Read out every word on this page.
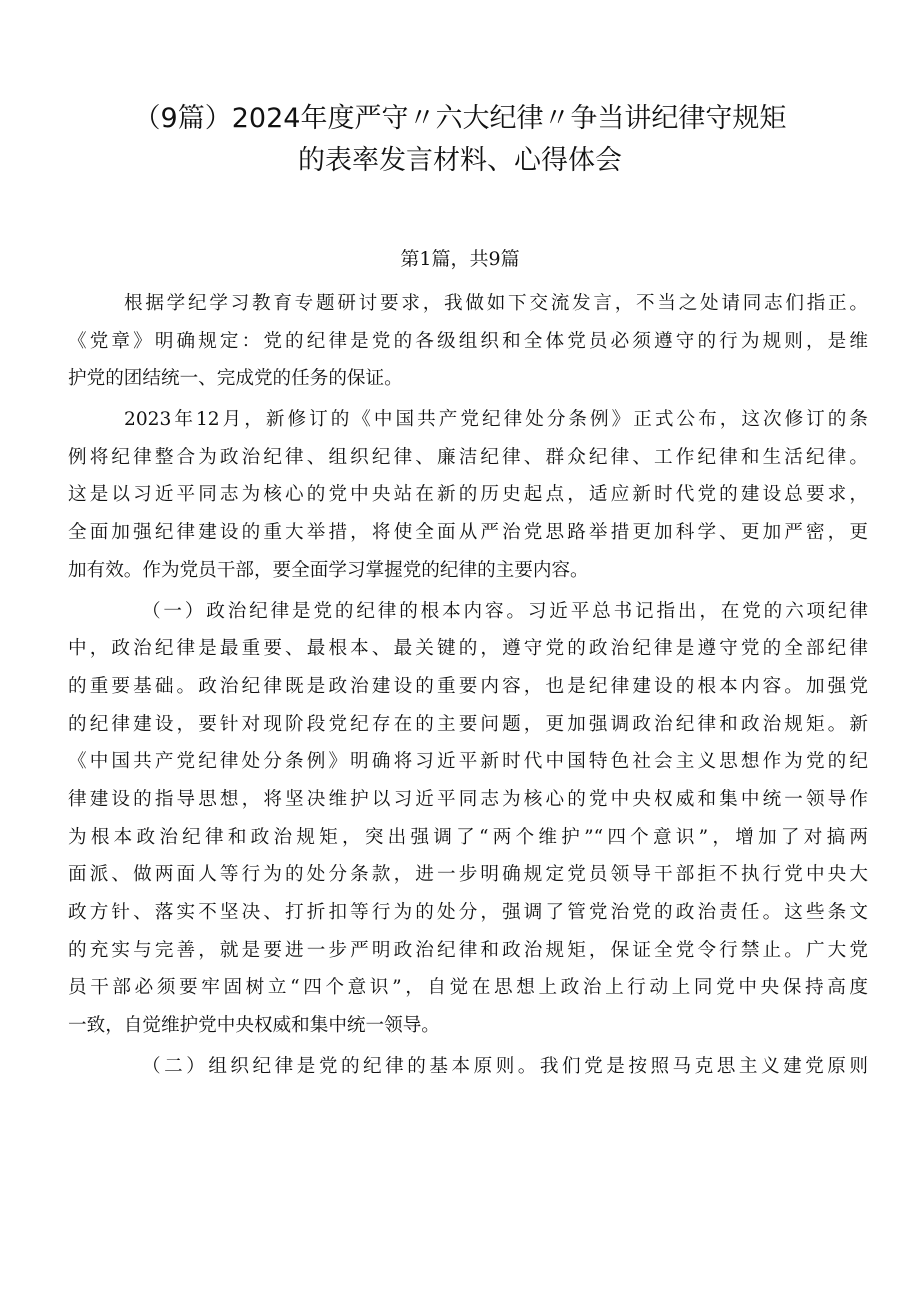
（9篇）2024年度严守〃六大纪律〃争当讲纪律守规矩
的表率发言材料、心得体会

第1篇，共9篇

根据学纪学习教育专题研讨要求，我做如下交流发言，不当之处请同志们指正。
《党章》明确规定：党的纪律是党的各级组织和全体党员必须遵守的行为规则，是维
护党的团结统一、完成党的任务的保证。
2023年12月，新修订的《中国共产党纪律处分条例》正式公布，这次修订的条
例将纪律整合为政治纪律、组织纪律、廉洁纪律、群众纪律、工作纪律和生活纪律。
这是以习近平同志为核心的党中央站在新的历史起点，适应新时代党的建设总要求，
全面加强纪律建设的重大举措，将使全面从严治党思路举措更加科学、更加严密，更
加有效。作为党员干部，要全面学习掌握党的纪律的主要内容。
（一）政治纪律是党的纪律的根本内容。习近平总书记指出，在党的六项纪律
中，政治纪律是最重要、最根本、最关键的，遵守党的政治纪律是遵守党的全部纪律
的重要基础。政治纪律既是政治建设的重要内容，也是纪律建设的根本内容。加强党
的纪律建设，要针对现阶段党纪存在的主要问题，更加强调政治纪律和政治规矩。新
《中国共产党纪律处分条例》明确将习近平新时代中国特色社会主义思想作为党的纪
律建设的指导思想，将坚决维护以习近平同志为核心的党中央权威和集中统一领导作
为根本政治纪律和政治规矩，突出强调了“两个维护”“四个意识”，增加了对搞两
面派、做两面人等行为的处分条款，进一步明确规定党员领导干部拒不执行党中央大
政方针、落实不坚决、打折扣等行为的处分，强调了管党治党的政治责任。这些条文
的充实与完善，就是要进一步严明政治纪律和政治规矩，保证全党令行禁止。广大党
员干部必须要牢固树立“四个意识”，自觉在思想上政治上行动上同党中央保持高度
一致，自觉维护党中央权威和集中统一领导。
（二）组织纪律是党的纪律的基本原则。我们党是按照马克思主义建党原则
